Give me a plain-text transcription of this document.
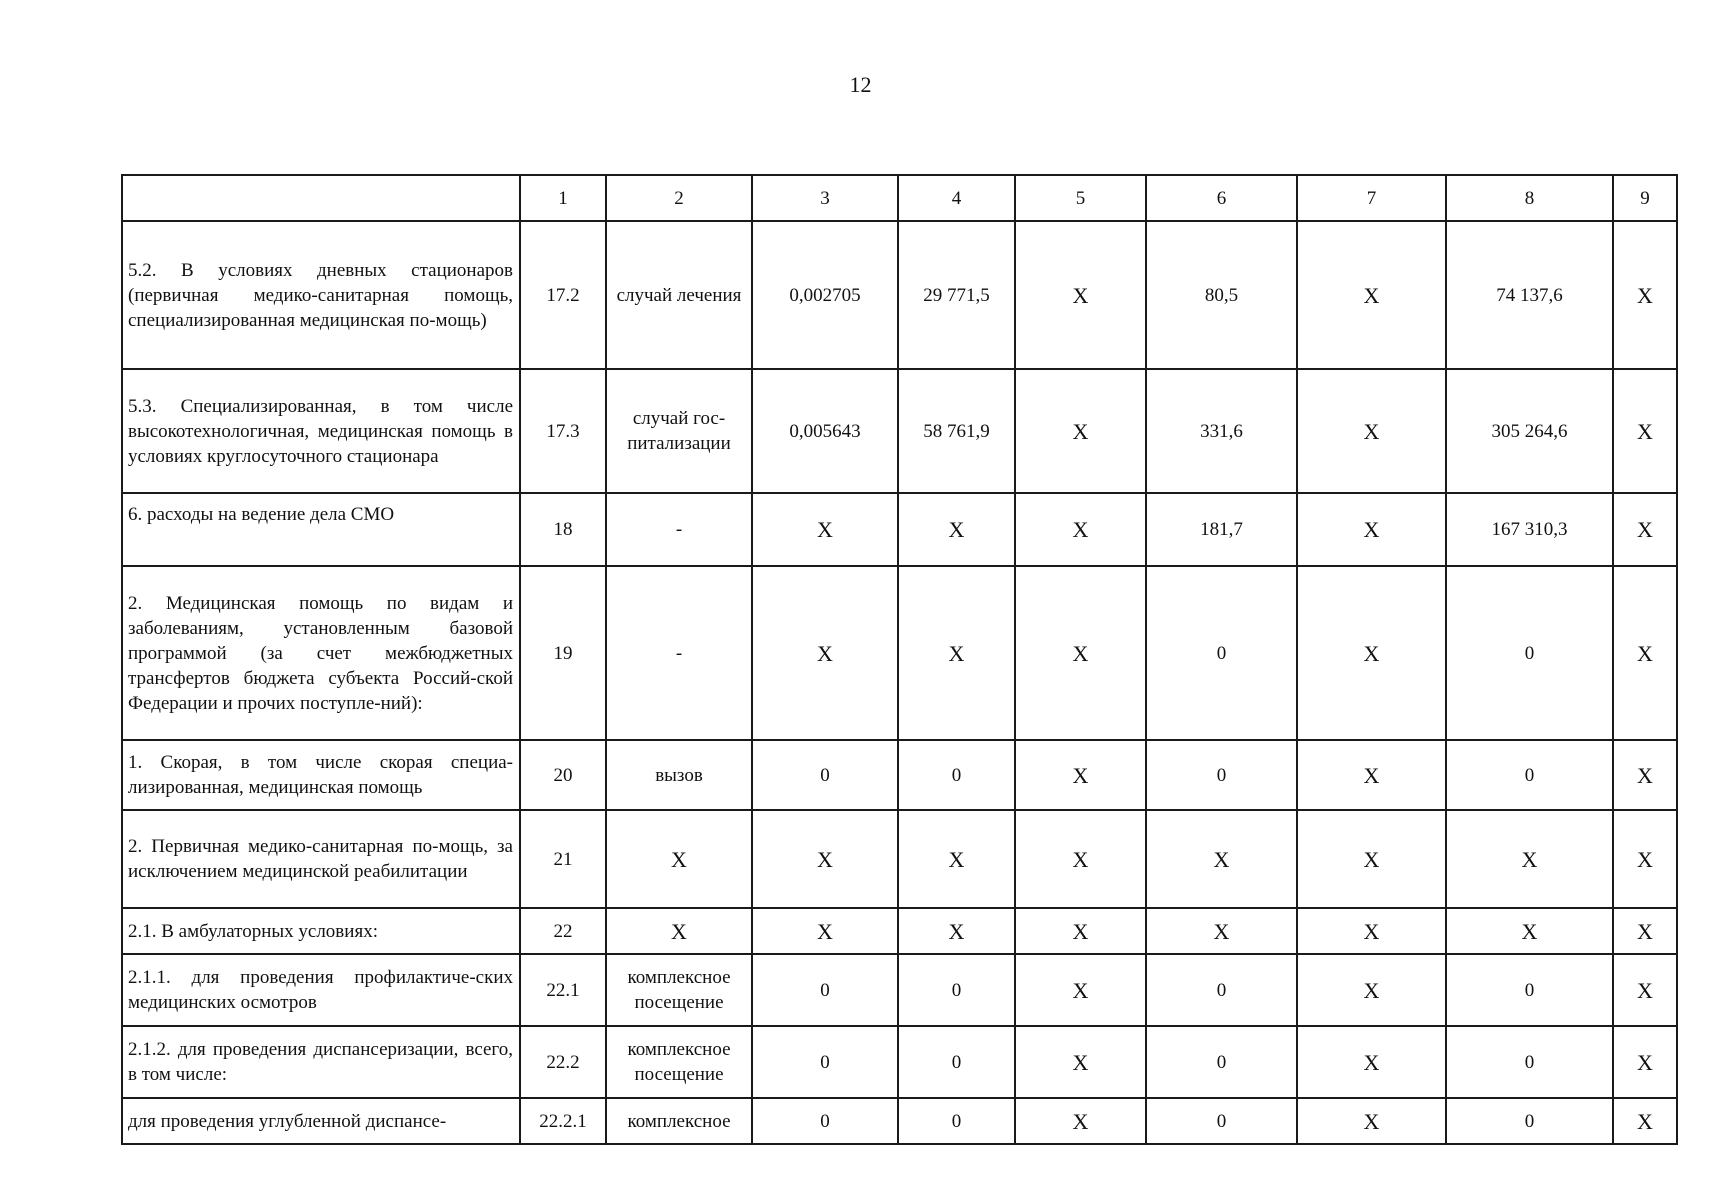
12
	1	2	3	4	5	6	7	8	9
5.2. В условиях дневных стационаров (первичная медико-санитарная помощь, специализированная медицинская по-мощь)	17.2	случай лечения	0,002705	29 771,5	X	80,5	X	74 137,6	X
5.3. Специализированная, в том числе высокотехнологичная, медицинская помощь в условиях круглосуточного стационара	17.3	случай гос-питализации	0,005643	58 761,9	X	331,6	X	305 264,6	X
6. расходы на ведение дела СМО	18	-	X	X	X	181,7	X	167 310,3	X
2. Медицинская помощь по видам и заболеваниям, установленным базовой программой (за счет межбюджетных трансфертов бюджета субъекта Россий-ской Федерации и прочих поступле-ний):	19	-	X	X	X	0	X	0	X
1. Скорая, в том числе скорая специа-лизированная, медицинская помощь	20	вызов	0	0	X	0	X	0	X
2. Первичная медико-санитарная по-мощь, за исключением медицинской реабилитации	21	X	X	X	X	X	X	X	X
2.1. В амбулаторных условиях:	22	X	X	X	X	X	X	X	X
2.1.1. для проведения профилактиче-ских медицинских осмотров	22.1	комплексное посещение	0	0	X	0	X	0	X
2.1.2. для проведения диспансеризации, всего, в том числе:	22.2	комплексное посещение	0	0	X	0	X	0	X
для проведения углубленной диспансе-	22.2.1	комплексное	0	0	X	0	X	0	X
